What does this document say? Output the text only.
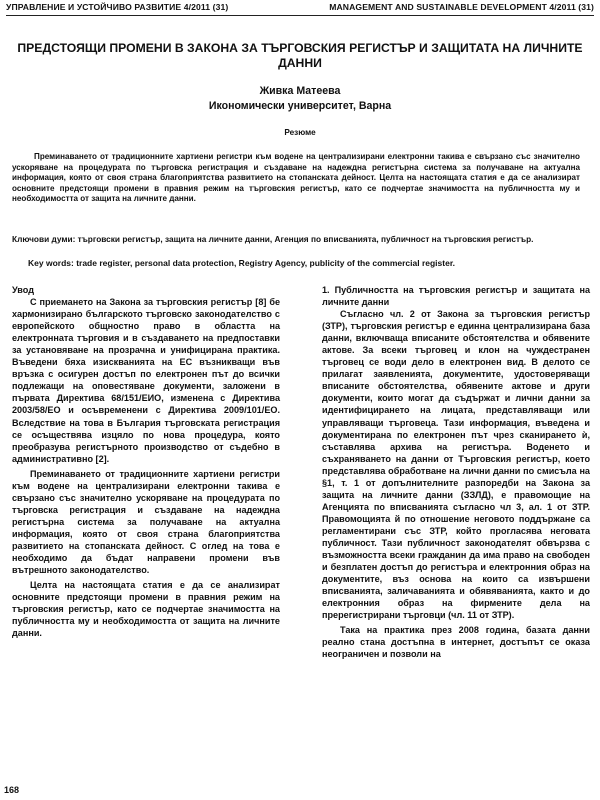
УПРАВЛЕНИЕ И УСТОЙЧИВО РАЗВИТИЕ 4/2011 (31)	MANAGEMENT AND SUSTAINABLE DEVELOPMENT 4/2011 (31)
ПРЕДСТОЯЩИ ПРОМЕНИ В ЗАКОНА ЗА ТЪРГОВСКИЯ РЕГИСТЪР И ЗАЩИТАТА НА ЛИЧНИТЕ ДАННИ
Живка Матеева
Икономически университет, Варна
Резюме
Преминаването от традиционните хартиени регистри към водене на централизирани електронни такива е свързано със значително ускоряване на процедурата по търговска регистрация и създаване на надеждна регистърна система за получаване на актуална информация, която от своя страна благоприятства развитието на стопанската дейност. Целта на настоящата статия е да се анализират основните предстоящи промени в правния режим на търговския регистър, като се подчертае значимостта на публичността му и необходимостта от защита на личните данни.
Ключови думи: търговски регистър, защита на личните данни, Агенция по вписванията, публичност на търговския регистър.
Key words: trade register, personal data protection, Registry Agency, publicity of the commercial register.
Увод

С приемането на Закона за търговския регистър [8] бе хармонизирано българското търговско законодателство с европейското общностно право в областта на електронната търговия и в създаването на предпоставки за установяване на прозрачна и унифицирана практика. Въведени бяха изискванията на ЕС възникващи във връзка с осигурен достъп по електронен път до всички подлежащи на оповестяване документи, заложени в първата Директива 68/151/ЕИО, изменена с Директива 2003/58/ЕО и осъвременени с Директива 2009/101/ЕО. Вследствие на това в България търговската регистрация се осъществява изцяло по нова процедура, която преобразува регистърното производство от съдебно в административно [2].

Преминаването от традиционните хартиени регистри към водене на централизирани електронни такива е свързано със значително ускоряване на процедурата по търговска регистрация и създаване на надеждна регистърна система за получаване на актуална информация, която от своя страна благоприятства развитието на стопанската дейност. С оглед на това е необходимо да бъдат направени промени във вътрешното законодателство.

Целта на настоящата статия е да се анализират основните предстоящи промени в правния режим на търговския регистър, като се подчертае значимостта на публичността му и необходимостта от защита на личните данни.

1. Публичността на търговския регистър и защитата на личните данни

Съгласно чл. 2 от Закона за търговския регистър (ЗТР), търговския регистър е единна централизирана база данни, включваща вписаните обстоятелства и обявените актове. За всеки търговец и клон на чуждестранен търговец се води дело в електронен вид. В делото се прилагат заявленията, документите, удостоверяващи вписаните обстоятелства, обявените актове и други документи, които могат да съдържат и лични данни за идентифицирането на лицата, представляващи или управляващи търговеца. Тази информация, въведена и документирана по електронен път чрез сканирането ѝ, съставлява архива на регистъра. Воденето и съхраняването на данни от Търговския регистър, което представлява обработване на лични данни по смисъла на §1, т. 1 от допълнителните разпоредби на Закона за защита на личните данни (ЗЗЛД), е правомощие на Агенцията по вписванията съгласно чл 3, ал. 1 от ЗТР. Правомощията й по отношение неговото поддържане са регламентирани със ЗТР, който прогласява неговата публичност. Тази публичност законодателят обвързва с възможността всеки гражданин да има право на свободен и безплатен достъп до регистъра и електронния образ на документите, въз основа на които са извършени вписванията, заличаванията и обявяванията, както и до електронния образ на фирмените дела на пререгистрирани търговци (чл. 11 от ЗТР).

Така на практика през 2008 година, базата данни реално стана достъпна в интернет, достъпът се оказа неограничен и позволи на

168
